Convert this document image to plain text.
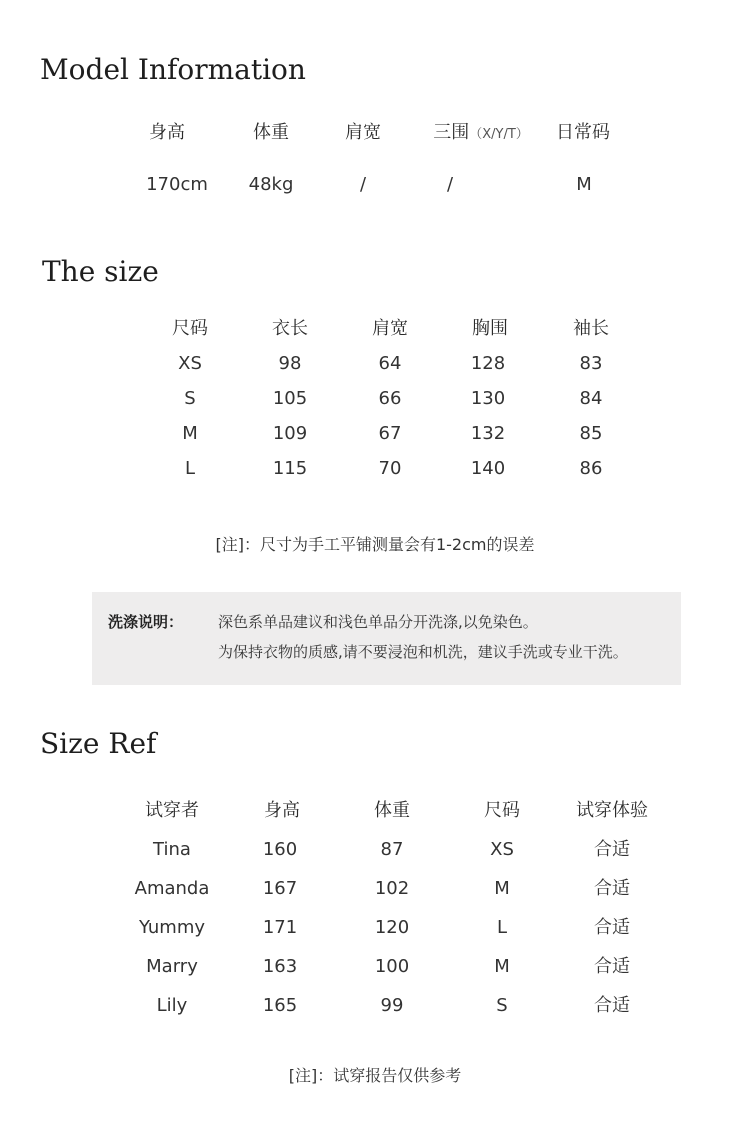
Model Information
身高	体重	肩宽	三围（X/Y/T） 日常码
170cm 48kg	/	/	M
The size
尺码	衣长	肩宽	胸围	袖长
XS	98	64	128	83
S	105	66	130	84
M	109	67	132	85
L	115	70	140	86
[注]：尺寸为手工平铺测量会有1-2cm的误差
洗涤说明： 深色系单品建议和浅色单品分开洗涤,以免染色。
为保持衣物的质感,请不要浸泡和机洗，建议手洗或专业干洗。
Size Ref
试穿者	身高	体重	尺码	试穿体验
Tina	160	87	XS	合适
Amanda	167	102	M	合适
Yummy	171	120	L	合适
Marry	163	100	M	合适
Lily	165	99	S	合适
[注]：试穿报告仅供参考
